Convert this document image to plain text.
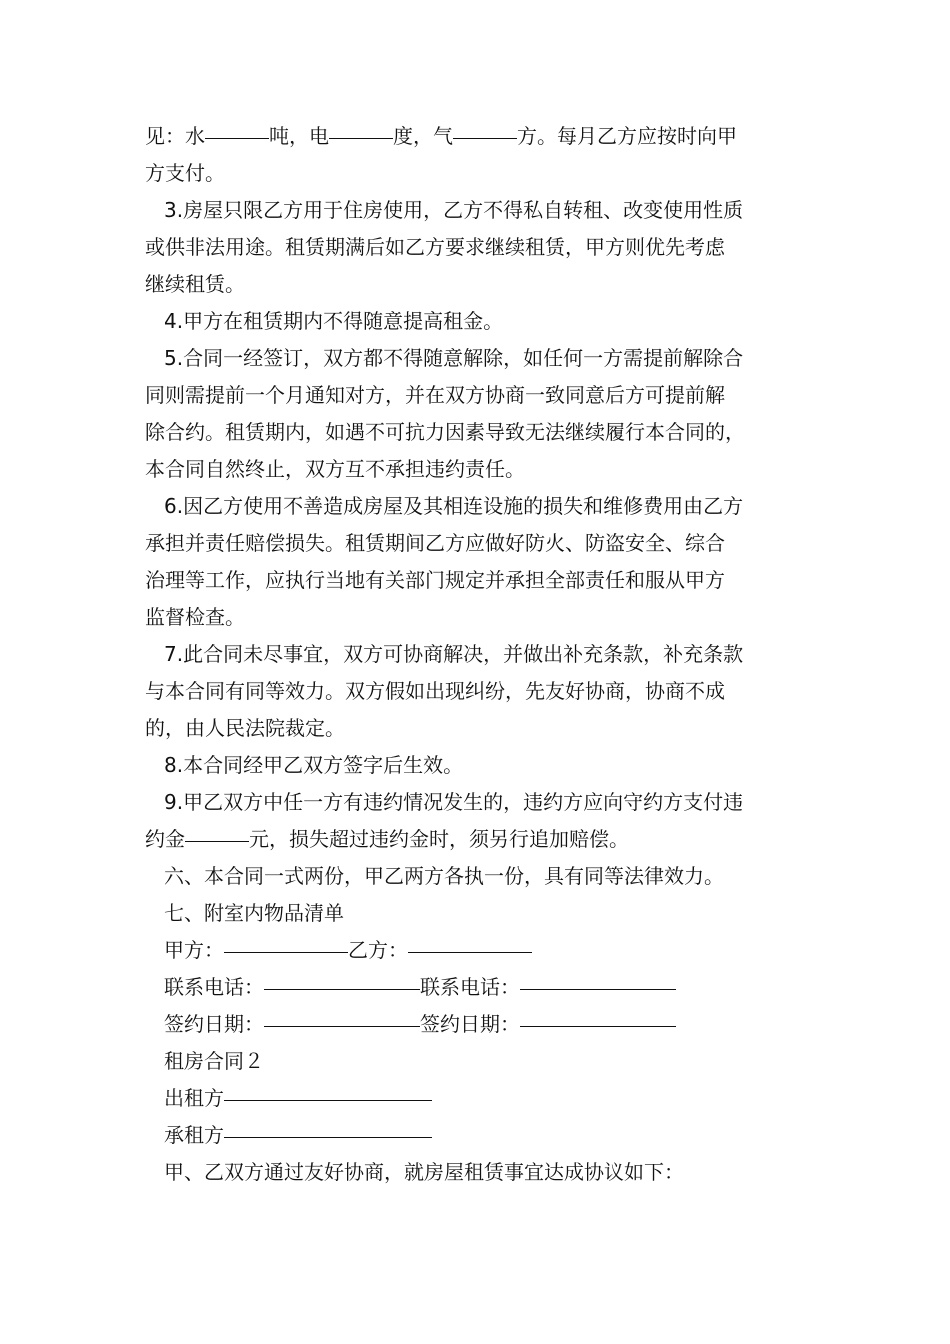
见：水	吨，电	度，气	方。每月乙方应按时向甲
方支付。
3.房屋只限乙方用于住房使用，乙方不得私自转租、改变使用性质
或供非法用途。租赁期满后如乙方要求继续租赁，甲方则优先考虑
继续租赁。
4.甲方在租赁期内不得随意提高租金。
5.合同一经签订，双方都不得随意解除，如任何一方需提前解除合
同则需提前一个月通知对方，并在双方协商一致同意后方可提前解
除合约。租赁期内，如遇不可抗力因素导致无法继续履行本合同的，
本合同自然终止，双方互不承担违约责任。
6.因乙方使用不善造成房屋及其相连设施的损失和维修费用由乙方
承担并责任赔偿损失。租赁期间乙方应做好防火、防盗安全、综合
治理等工作，应执行当地有关部门规定并承担全部责任和服从甲方
监督检查。
7.此合同未尽事宜，双方可协商解决，并做出补充条款，补充条款
与本合同有同等效力。双方假如出现纠纷，先友好协商，协商不成
的，由人民法院裁定。
8.本合同经甲乙双方签字后生效。
9.甲乙双方中任一方有违约情况发生的，违约方应向守约方支付违
约金	元，损失超过违约金时，须另行追加赔偿。
六、本合同一式两份，甲乙两方各执一份，具有同等法律效力。
七、附室内物品清单
甲方：	乙方：
联系电话：	联系电话：
签约日期：	签约日期：
租房合同２
出租方
承租方
甲、乙双方通过友好协商，就房屋租赁事宜达成协议如下：
